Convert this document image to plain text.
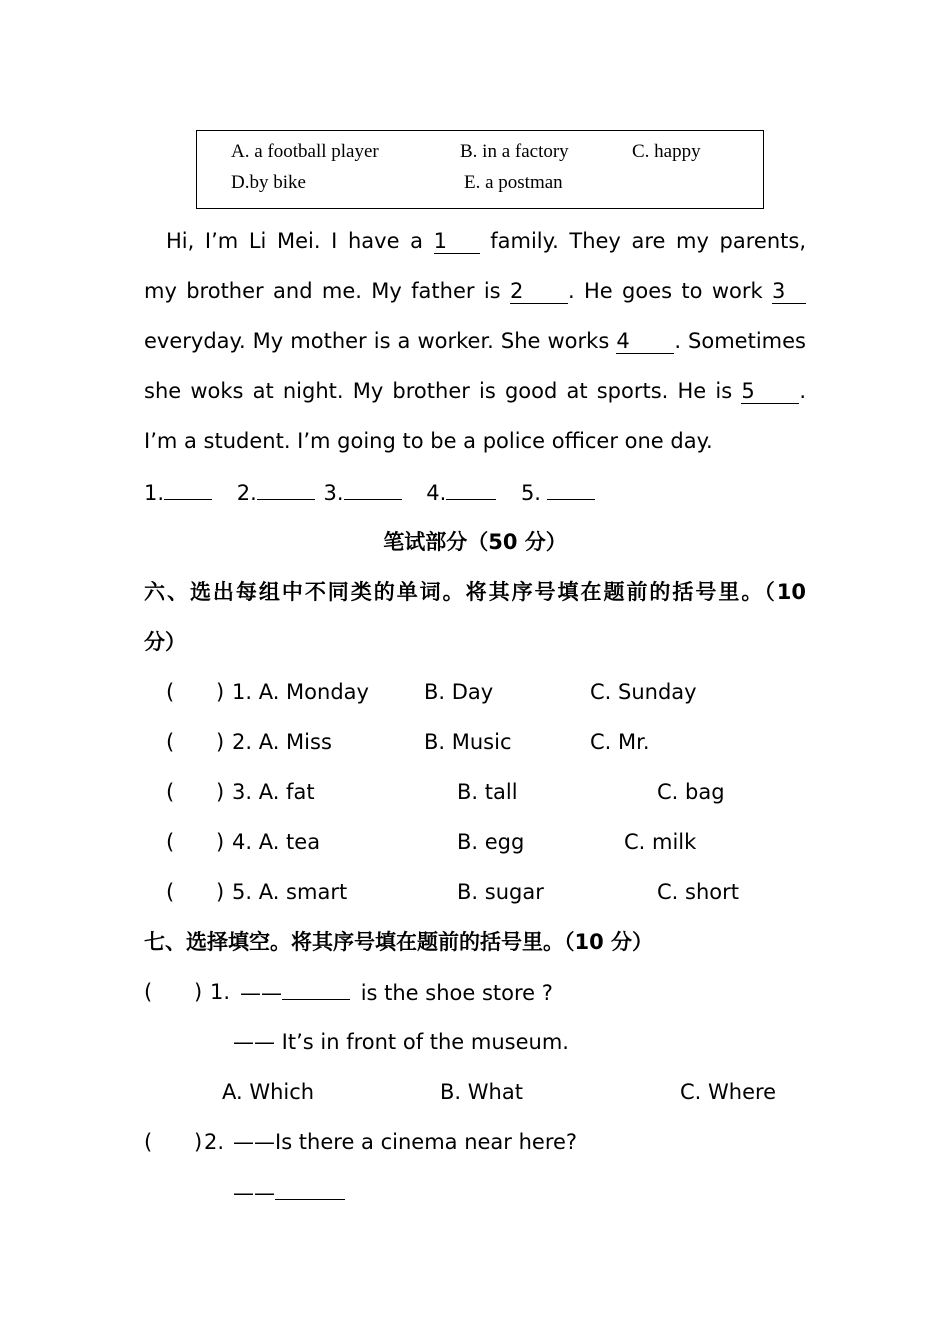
A. a football player	B. in a factory	C. happy
D.by bike	E. a postman
Hi, I’m Li Mei. I have a 1 family. They are my parents,
my brother and me. My father is 2 . He goes to work 3
everyday. My mother is a worker. She works 4 . Sometimes
she woks at night. My brother is good at sports. He is 5 .
I’m a student. I’m going to be a police officer one day.
1.	2.	3.	4.	5.
笔试部分（50 分）
六、选出每组中不同类的单词。将其序号填在题前的括号里。（10
分）
( ) 1. A. Monday	B. Day	C. Sunday
( ) 2. A. Miss	B. Music	C. Mr.
( ) 3. A. fat	B. tall	C. bag
( ) 4. A. tea	B. egg	C. milk
( ) 5. A. smart	B. sugar	C. short
七、选择填空。将其序号填在题前的括号里。（10 分）
( ) 1. ——	is the shoe store ?
—— It’s in front of the museum.
A. Which	B. What	C. Where
( ) 2. ——Is there a cinema near here?
——
